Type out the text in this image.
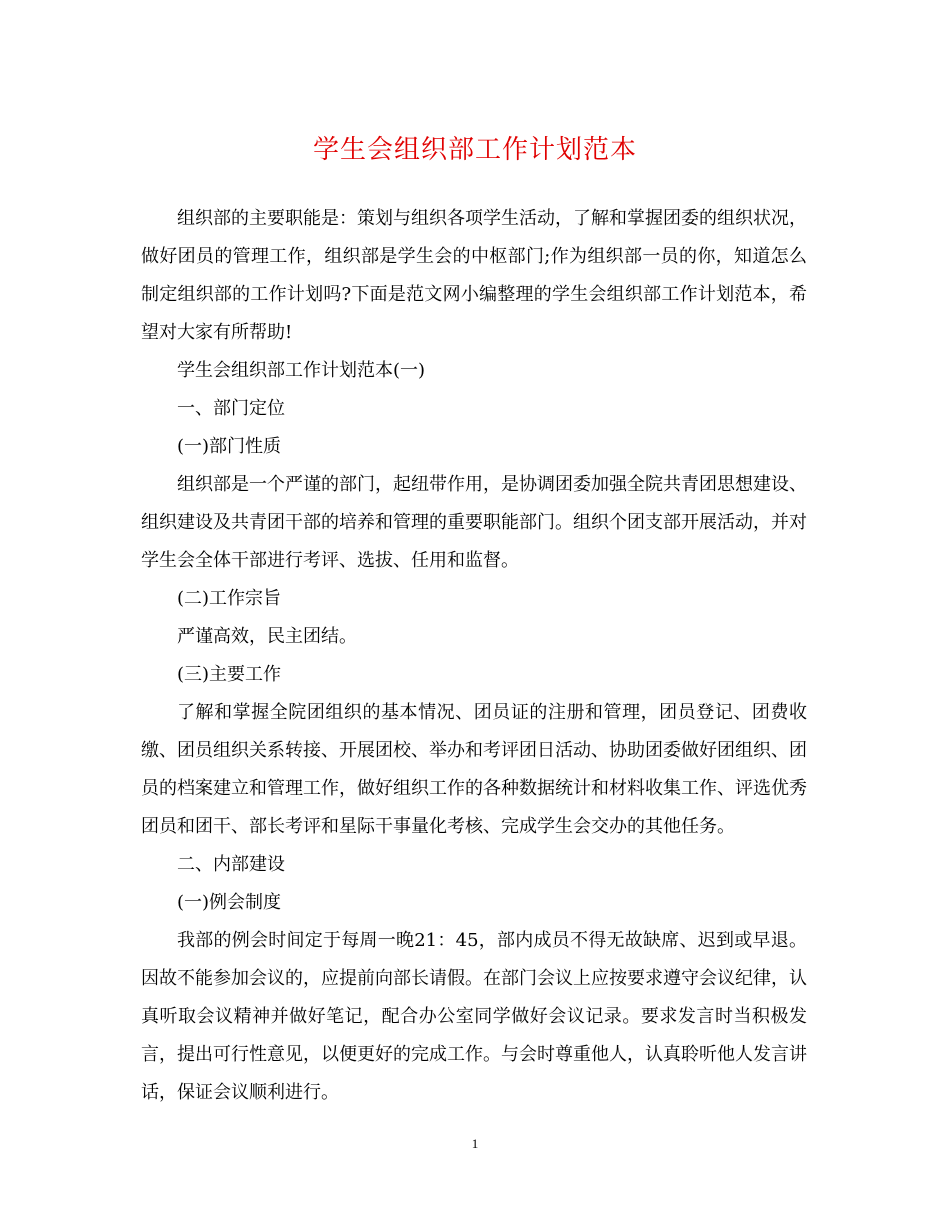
学生会组织部工作计划范本

组织部的主要职能是：策划与组织各项学生活动，了解和掌握团委的组织状况，做好团员的管理工作，组织部是学生会的中枢部门;作为组织部一员的你，知道怎么制定组织部的工作计划吗?下面是范文网小编整理的学生会组织部工作计划范本，希望对大家有所帮助!

学生会组织部工作计划范本(一)

一、部门定位

(一)部门性质

组织部是一个严谨的部门，起纽带作用，是协调团委加强全院共青团思想建设、组织建设及共青团干部的培养和管理的重要职能部门。组织个团支部开展活动，并对学生会全体干部进行考评、选拔、任用和监督。

(二)工作宗旨

严谨高效，民主团结。

(三)主要工作

了解和掌握全院团组织的基本情况、团员证的注册和管理，团员登记、团费收缴、团员组织关系转接、开展团校、举办和考评团日活动、协助团委做好团组织、团员的档案建立和管理工作，做好组织工作的各种数据统计和材料收集工作、评选优秀团员和团干、部长考评和星际干事量化考核、完成学生会交办的其他任务。

二、内部建设

(一)例会制度

我部的例会时间定于每周一晚21：45，部内成员不得无故缺席、迟到或早退。因故不能参加会议的，应提前向部长请假。在部门会议上应按要求遵守会议纪律，认真听取会议精神并做好笔记，配合办公室同学做好会议记录。要求发言时当积极发言，提出可行性意见，以便更好的完成工作。与会时尊重他人，认真聆听他人发言讲话，保证会议顺利进行。

1
